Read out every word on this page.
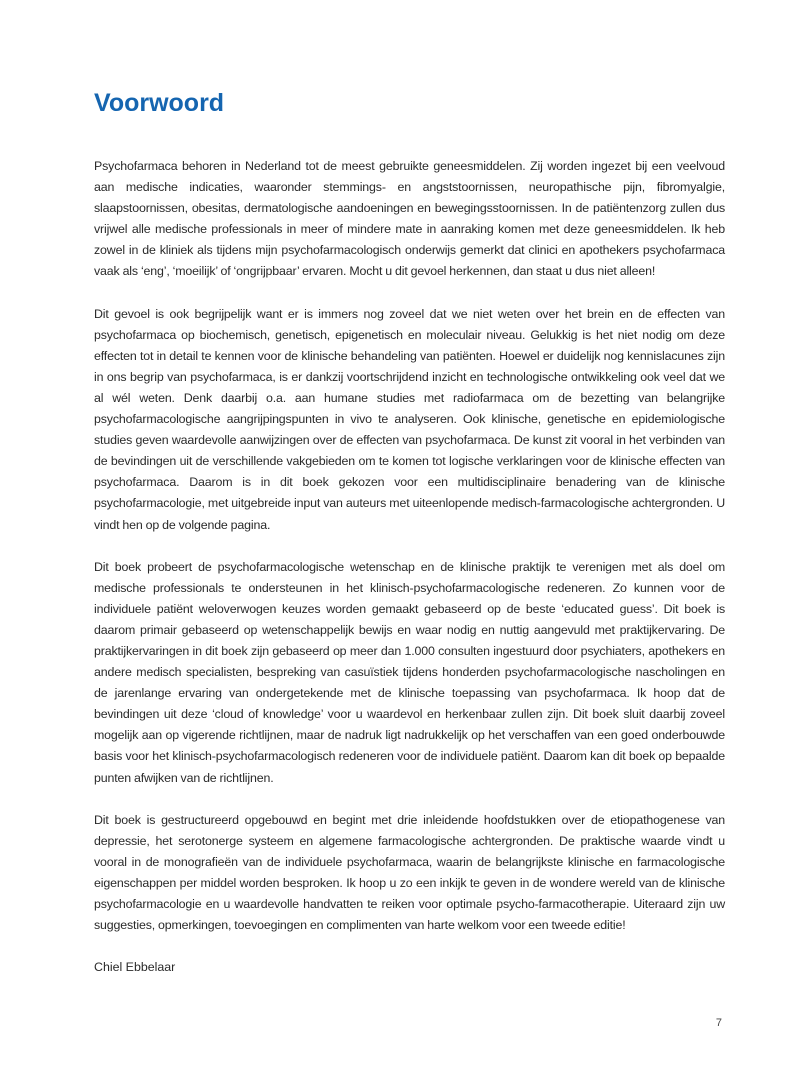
Voorwoord

Psychofarmaca behoren in Nederland tot de meest gebruikte geneesmiddelen. Zij worden ingezet bij een veelvoud aan medische indicaties, waaronder stemmings- en angststoornissen, neuropathische pijn, fibromyalgie, slaapstoornissen, obesitas, dermatologische aandoeningen en bewegingsstoornissen. In de patiëntenzorg zullen dus vrijwel alle medische professionals in meer of mindere mate in aanraking komen met deze geneesmiddelen. Ik heb zowel in de kliniek als tijdens mijn psychofarmacologisch onderwijs gemerkt dat clinici en apothekers psychofarmaca vaak als ‘eng’, ‘moeilijk’ of ‘ongrijpbaar’ ervaren. Mocht u dit gevoel herkennen, dan staat u dus niet alleen!

Dit gevoel is ook begrijpelijk want er is immers nog zoveel dat we niet weten over het brein en de effecten van psychofarmaca op biochemisch, genetisch, epigenetisch en moleculair niveau. Gelukkig is het niet nodig om deze effecten tot in detail te kennen voor de klinische behandeling van patiënten. Hoewel er duidelijk nog kennislacunes zijn in ons begrip van psychofarmaca, is er dankzij voortschrijdend inzicht en technologische ontwikkeling ook veel dat we al wél weten. Denk daarbij o.a. aan humane studies met radiofarmaca om de bezetting van belangrijke psychofarmacologische aangrijpingspunten in vivo te analyseren. Ook klinische, genetische en epidemiologische studies geven waardevolle aanwijzingen over de effecten van psychofarmaca. De kunst zit vooral in het verbinden van de bevindingen uit de verschillende vakgebieden om te komen tot logische verklaringen voor de klinische effecten van psychofarmaca. Daarom is in dit boek gekozen voor een multidisciplinaire benadering van de klinische psychofarmacologie, met uitgebreide input van auteurs met uiteenlopende medisch-farmacologische achtergronden. U vindt hen op de volgende pagina.

Dit boek probeert de psychofarmacologische wetenschap en de klinische praktijk te verenigen met als doel om medische professionals te ondersteunen in het klinisch-psychofarmacologische redeneren. Zo kunnen voor de individuele patiënt weloverwogen keuzes worden gemaakt gebaseerd op de beste ‘educated guess’. Dit boek is daarom primair gebaseerd op wetenschappelijk bewijs en waar nodig en nuttig aangevuld met praktijkervaring. De praktijkervaringen in dit boek zijn gebaseerd op meer dan 1.000 consulten ingestuurd door psychiaters, apothekers en andere medisch specialisten, bespreking van casuïstiek tijdens honderden psychofarmacologische nascholingen en de jarenlange ervaring van ondergetekende met de klinische toepassing van psychofarmaca. Ik hoop dat de bevindingen uit deze ‘cloud of knowledge’ voor u waardevol en herkenbaar zullen zijn. Dit boek sluit daarbij zoveel mogelijk aan op vigerende richtlijnen, maar de nadruk ligt nadrukkelijk op het verschaffen van een goed onderbouwde basis voor het klinisch-psychofarmacologisch redeneren voor de individuele patiënt. Daarom kan dit boek op bepaalde punten afwijken van de richtlijnen.

Dit boek is gestructureerd opgebouwd en begint met drie inleidende hoofdstukken over de etiopathogenese van depressie, het serotonerge systeem en algemene farmacologische achtergronden. De praktische waarde vindt u vooral in de monografieën van de individuele psychofarmaca, waarin de belangrijkste klinische en farmacologische eigenschappen per middel worden besproken. Ik hoop u zo een inkijk te geven in de wondere wereld van de klinische psychofarmacologie en u waardevolle handvatten te reiken voor optimale psycho-farmacotherapie. Uiteraard zijn uw suggesties, opmerkingen, toevoegingen en complimenten van harte welkom voor een tweede editie!

Chiel Ebbelaar

7
